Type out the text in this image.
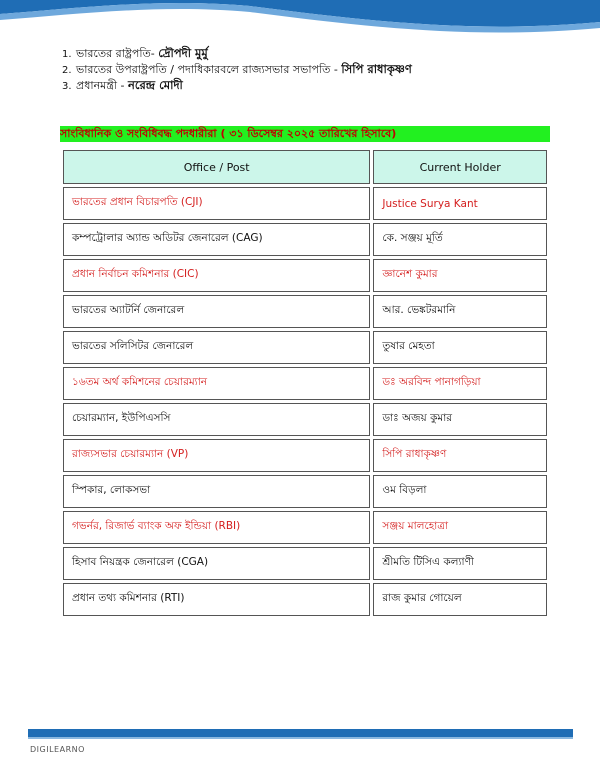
1. ভারতের রাষ্ট্রপতি- দ্রৌপদী মুর্মু
2. ভারতের উপরাষ্ট্রপতি / পদাধিকারবলে রাজ্যসভার সভাপতি - সিপি রাধাকৃষ্ণণ
3. প্রধানমন্ত্রী - নরেন্দ্র মোদী
সাংবিধানিক ও সংবিধিবদ্ধ পদধারীরা ( ৩১ ডিসেম্বর ২০২৫ তারিখের হিসাবে)
Office / Post	Current Holder
ভারতের প্রধান বিচারপতি (CJI)	Justice Surya Kant
কম্পট্রোলার অ্যান্ড অডিটর জেনারেল (CAG)	কে. সঞ্জয় মূর্তি
প্রধান নির্বাচন কমিশনার (CIC)	জ্ঞানেশ কুমার
ভারতের অ্যাটর্নি জেনারেল	আর. ভেঙ্কটরমানি
ভারতের সলিসিটর জেনারেল	তুষার মেহতা
১৬তম অর্থ কমিশনের চেয়ারম্যান	ডঃ অরবিন্দ পানাগড়িয়া
চেয়ারম্যান, ইউপিএসসি	ডাঃ অজয় কুমার
রাজ্যসভার চেয়ারম্যান (VP)	সিপি রাধাকৃষ্ণণ
স্পিকার, লোকসভা	ওম বিড়লা
গভর্নর, রিজার্ভ ব্যাংক অফ ইন্ডিয়া (RBI)	সঞ্জয় মালহোত্রা
হিসাব নিয়ন্ত্রক জেনারেল (CGA)	শ্রীমতি টিসিএ কল্যাণী
প্রধান তথ্য কমিশনার (RTI)	রাজ কুমার গোয়েল
DIGILEARNO
